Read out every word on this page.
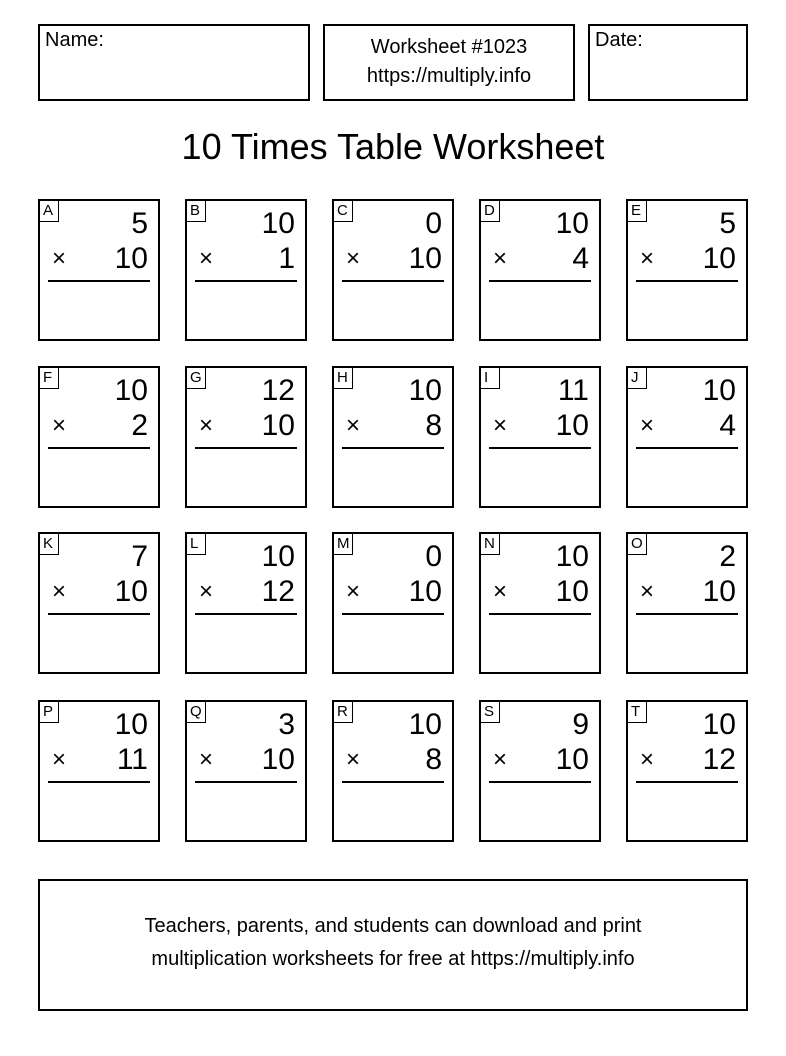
Name:	Worksheet #1023
https://multiply.info
Date:
10 Times Table Worksheet
A	5
× 10
B 10
× 1
C	0
× 10
D 10
× 4
E	5
× 10
F 10
× 2
G 12
× 10
H 10
× 8
I	11
× 10
J 10
× 4
K	7
× 10
L 10
× 12
M	0
× 10
N 10
× 10
O	2
× 10
P 10
× 11
Q	3
× 10
R 10
× 8
S	9
× 10
T 10
× 12
Teachers, parents, and students can download and print
multiplication worksheets for free at https://multiply.info
